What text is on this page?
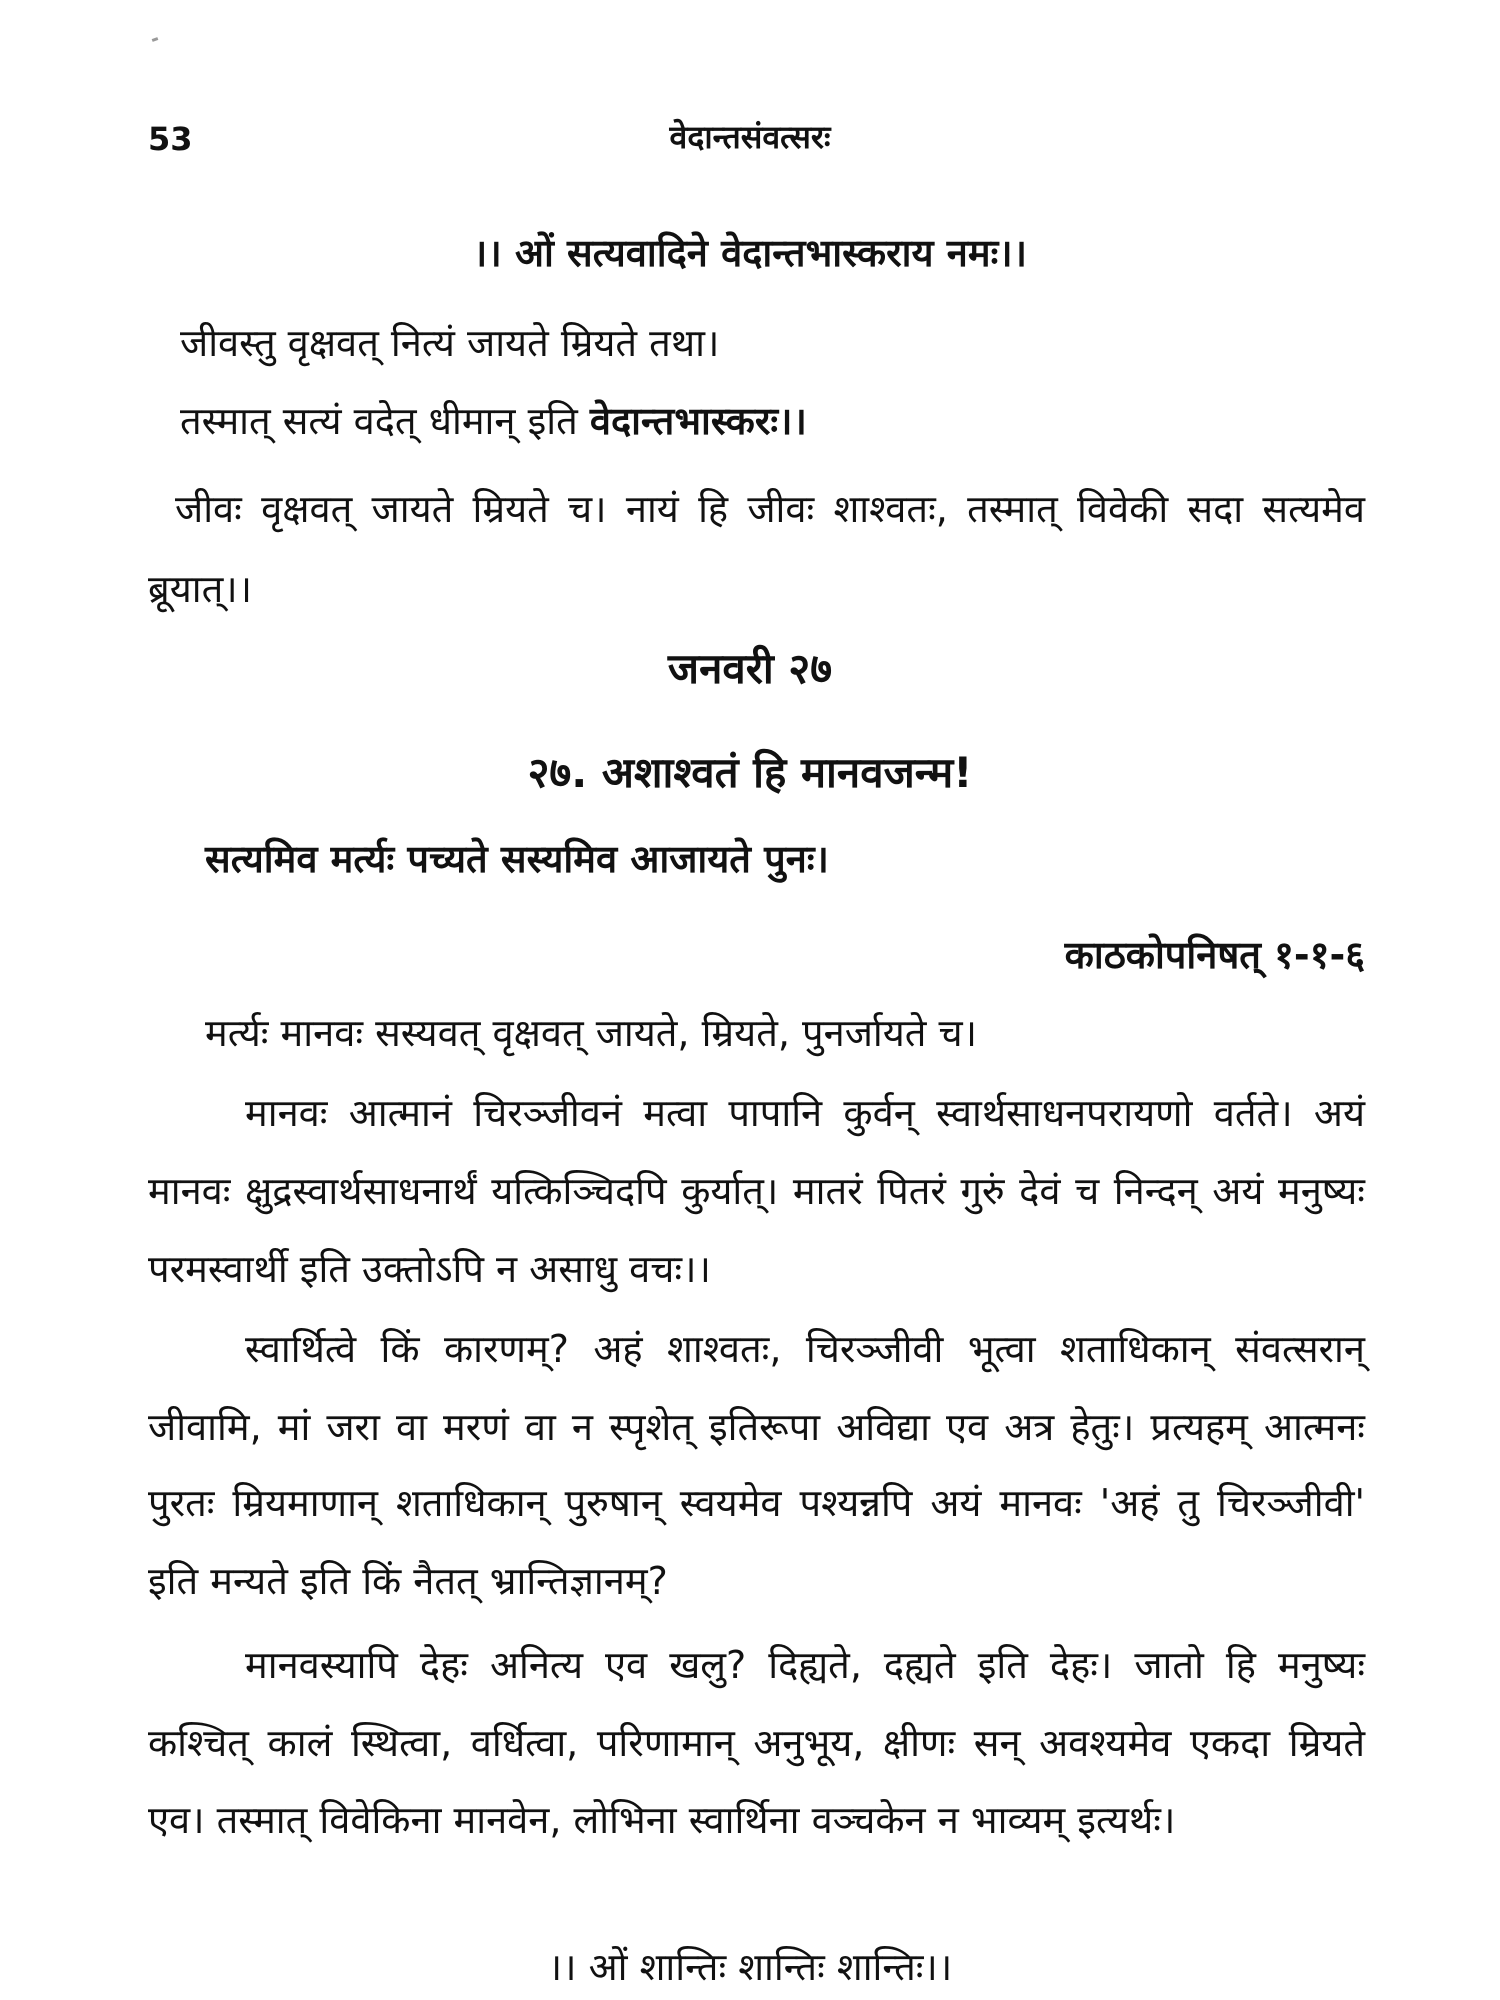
53	वेदान्तसंवत्सरः
।। ओं सत्यवादिने वेदान्तभास्कराय नमः।।
जीवस्तु वृक्षवत् नित्यं जायते म्रियते तथा।
तस्मात् सत्यं वदेत् धीमान् इति वेदान्तभास्करः।।
जीवः वृक्षवत् जायते म्रियते च। नायं हि जीवः शाश्वतः, तस्मात् विवेकी सदा सत्यमेव
ब्रूयात्।।
जनवरी २७
२७. अशाश्वतं हि मानवजन्म!
सत्यमिव मर्त्यः पच्यते सस्यमिव आजायते पुनः।
काठकोपनिषत् १-१-६
मर्त्यः मानवः सस्यवत् वृक्षवत् जायते, म्रियते, पुनर्जायते च।
मानवः आत्मानं चिरञ्जीवनं मत्वा पापानि कुर्वन् स्वार्थसाधनपरायणो वर्तते। अयं
मानवः क्षुद्रस्वार्थसाधनार्थं यत्किञ्चिदपि कुर्यात्। मातरं पितरं गुरुं देवं च निन्दन् अयं मनुष्यः
परमस्वार्थी इति उक्तोऽपि न असाधु वचः।।
स्वार्थित्वे किं कारणम्? अहं शाश्वतः, चिरञ्जीवी भूत्वा शताधिकान् संवत्सरान्
जीवामि, मां जरा वा मरणं वा न स्पृशेत् इतिरूपा अविद्या एव अत्र हेतुः। प्रत्यहम् आत्मनः
पुरतः म्रियमाणान् शताधिकान् पुरुषान् स्वयमेव पश्यन्नपि अयं मानवः 'अहं तु चिरञ्जीवी'
इति मन्यते इति किं नैतत् भ्रान्तिज्ञानम्?
मानवस्यापि देहः अनित्य एव खलु? दिह्यते, दह्यते इति देहः। जातो हि मनुष्यः
कश्चित् कालं स्थित्वा, वर्धित्वा, परिणामान् अनुभूय, क्षीणः सन् अवश्यमेव एकदा म्रियते
एव। तस्मात् विवेकिना मानवेन, लोभिना स्वार्थिना वञ्चकेन न भाव्यम् इत्यर्थः।
।। ओं शान्तिः शान्तिः शान्तिः।।
